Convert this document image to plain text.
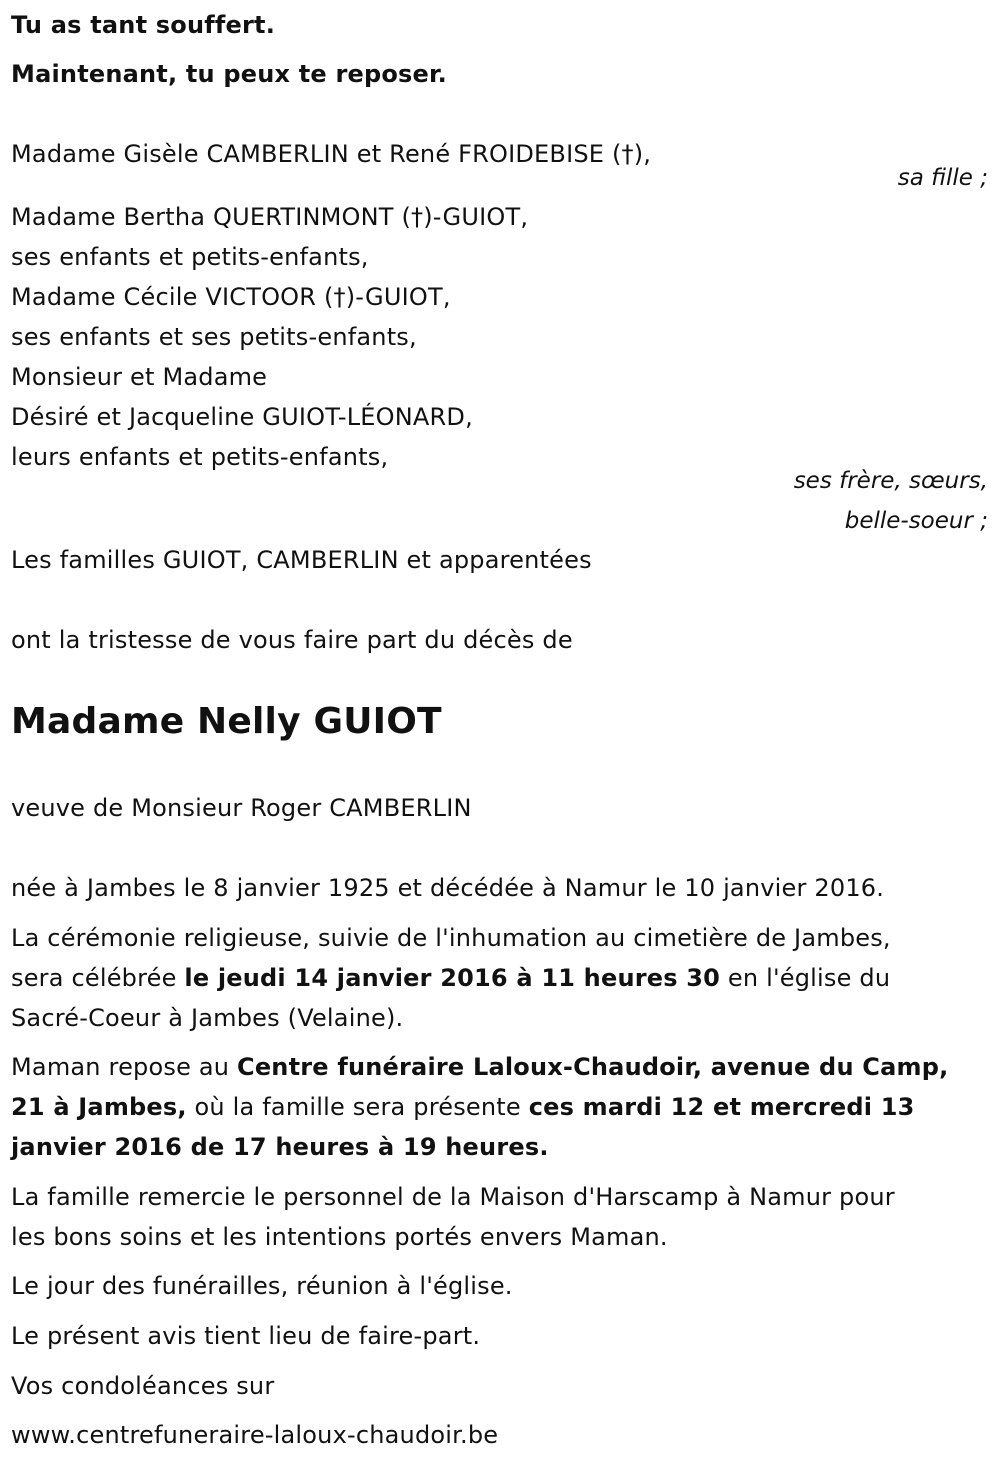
Tu as tant souffert.
Maintenant, tu peux te reposer.
Madame Gisèle CAMBERLIN et René FROIDEBISE (†),
sa fille ;
Madame Bertha QUERTINMONT (†)-GUIOT,
ses enfants et petits-enfants,
Madame Cécile VICTOOR (†)-GUIOT,
ses enfants et ses petits-enfants,
Monsieur et Madame
Désiré et Jacqueline GUIOT-LÉONARD,
leurs enfants et petits-enfants,
ses frère, sœurs,
belle-soeur ;
Les familles GUIOT, CAMBERLIN et apparentées
ont la tristesse de vous faire part du décès de
Madame Nelly GUIOT
veuve de Monsieur Roger CAMBERLIN
née à Jambes le 8 janvier 1925 et décédée à Namur le 10 janvier 2016.
La cérémonie religieuse, suivie de l'inhumation au cimetière de Jambes,
sera célébrée le jeudi 14 janvier 2016 à 11 heures 30 en l'église du
Sacré-Coeur à Jambes (Velaine).
Maman repose au Centre funéraire Laloux-Chaudoir, avenue du Camp,
21 à Jambes, où la famille sera présente ces mardi 12 et mercredi 13
janvier 2016 de 17 heures à 19 heures.
La famille remercie le personnel de la Maison d'Harscamp à Namur pour
les bons soins et les intentions portés envers Maman.
Le jour des funérailles, réunion à l'église.
Le présent avis tient lieu de faire-part.
Vos condoléances sur
www.centrefuneraire-laloux-chaudoir.be
